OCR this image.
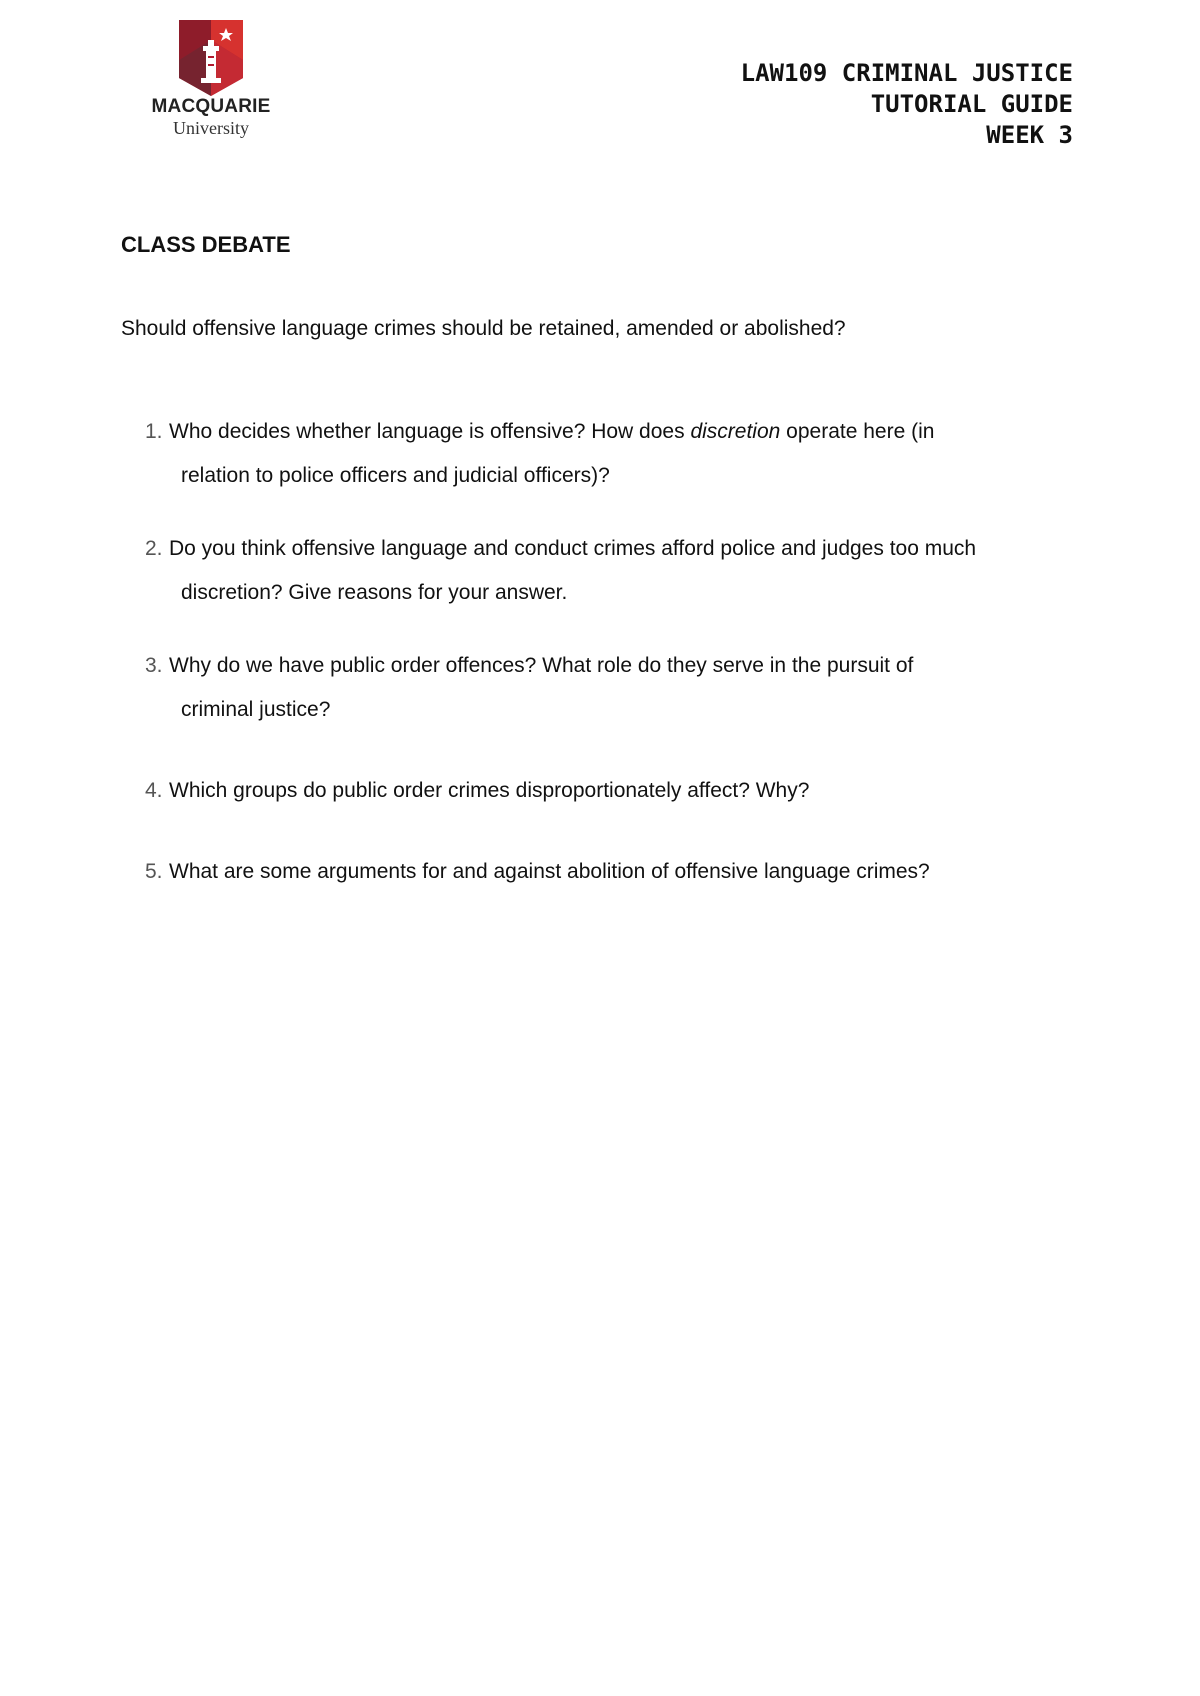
MACQUARIE
University
LAW109 CRIMINAL JUSTICE
TUTORIAL GUIDE
WEEK 3
CLASS DEBATE
Should offensive language crimes should be retained, amended or abolished?
1. Who decides whether language is offensive? How does discretion operate here (in
relation to police officers and judicial officers)?
2. Do you think offensive language and conduct crimes afford police and judges too much
discretion? Give reasons for your answer.
3. Why do we have public order offences? What role do they serve in the pursuit of
criminal justice?
4. Which groups do public order crimes disproportionately affect? Why?
5. What are some arguments for and against abolition of offensive language crimes?
